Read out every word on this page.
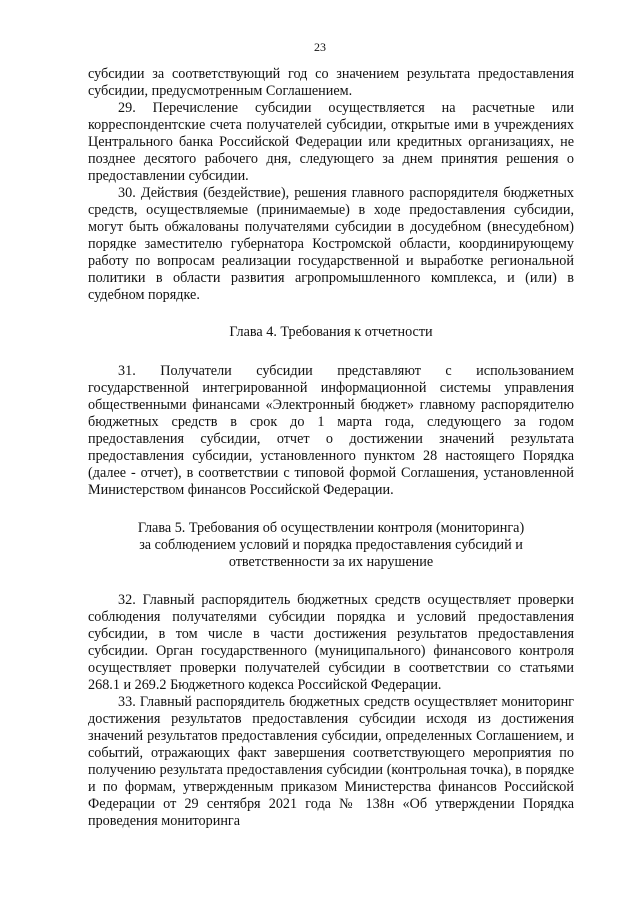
23

субсидии за соответствующий год со значением результата предоставления субсидии, предусмотренным Соглашением.

29. Перечисление субсидии осуществляется на расчетные или корреспондентские счета получателей субсидии, открытые ими в учреждениях Центрального банка Российской Федерации или кредитных организациях, не позднее десятого рабочего дня, следующего за днем принятия решения о предоставлении субсидии.

30. Действия (бездействие), решения главного распорядителя бюджетных средств, осуществляемые (принимаемые) в ходе предоставления субсидии, могут быть обжалованы получателями субсидии в досудебном (внесудебном) порядке заместителю губернатора Костромской области, координирующему работу по вопросам реализации государственной и выработке региональной политики в области развития агропромышленного комплекса, и (или) в судебном порядке.

Глава 4. Требования к отчетности

31. Получатели субсидии представляют с использованием государственной интегрированной информационной системы управления общественными финансами «Электронный бюджет» главному распорядителю бюджетных средств в срок до 1 марта года, следующего за годом предоставления субсидии, отчет о достижении значений результата предоставления субсидии, установленного пунктом 28 настоящего Порядка (далее - отчет), в соответствии с типовой формой Соглашения, установленной Министерством финансов Российской Федерации.

Глава 5. Требования об осуществлении контроля (мониторинга)
за соблюдением условий и порядка предоставления субсидий и
ответственности за их нарушение

32. Главный распорядитель бюджетных средств осуществляет проверки соблюдения получателями субсидии порядка и условий предоставления субсидии, в том числе в части достижения результатов предоставления субсидии. Орган государственного (муниципального) финансового контроля осуществляет проверки получателей субсидии в соответствии со статьями 268.1 и 269.2 Бюджетного кодекса Российской Федерации.

33. Главный распорядитель бюджетных средств осуществляет мониторинг достижения результатов предоставления субсидии исходя из достижения значений результатов предоставления субсидии, определенных Соглашением, и событий, отражающих факт завершения соответствующего мероприятия по получению результата предоставления субсидии (контрольная точка), в порядке и по формам, утвержденным приказом Министерства финансов Российской Федерации от 29 сентября 2021 года № 138н «Об утверждении Порядка проведения мониторинга
